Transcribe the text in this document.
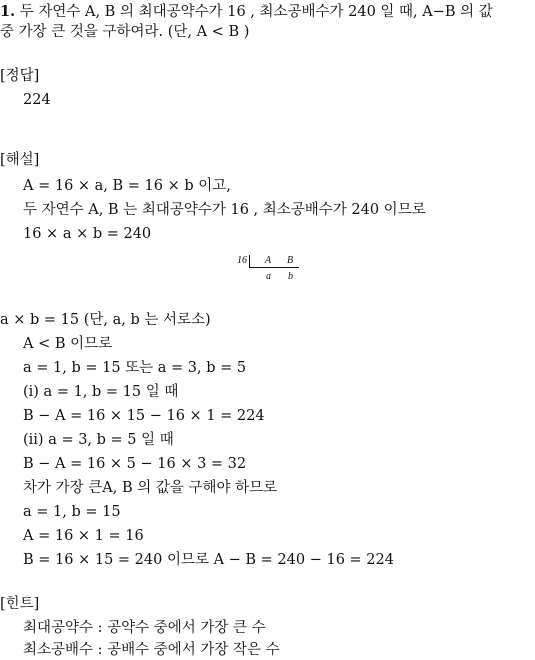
1. 두 자연수 A, B 의 최대공약수가 16 , 최소공배수가 240 일 때, A−B 의 값
중 가장 큰 것을 구하여라. (단, A < B )
[정답]
224
[해설]
A = 16 × a, B = 16 × b 이고,
두 자연수 A, B 는 최대공약수가 16 , 최소공배수가 240 이므로
16 × a × b = 240
16 A B
a b
a × b = 15 (단, a, b 는 서로소)
A < B 이므로
a = 1, b = 15 또는 a = 3, b = 5
(ⅰ) a = 1, b = 15 일 때
B − A = 16 × 15 − 16 × 1 = 224
(ⅱ) a = 3, b = 5 일 때
B − A = 16 × 5 − 16 × 3 = 32
차가 가장 큰A, B 의 값을 구해야 하므로
a = 1, b = 15
A = 16 × 1 = 16
B = 16 × 15 = 240 이므로 A − B = 240 − 16 = 224
[힌트]
최대공약수 : 공약수 중에서 가장 큰 수
최소공배수 : 공배수 중에서 가장 작은 수
